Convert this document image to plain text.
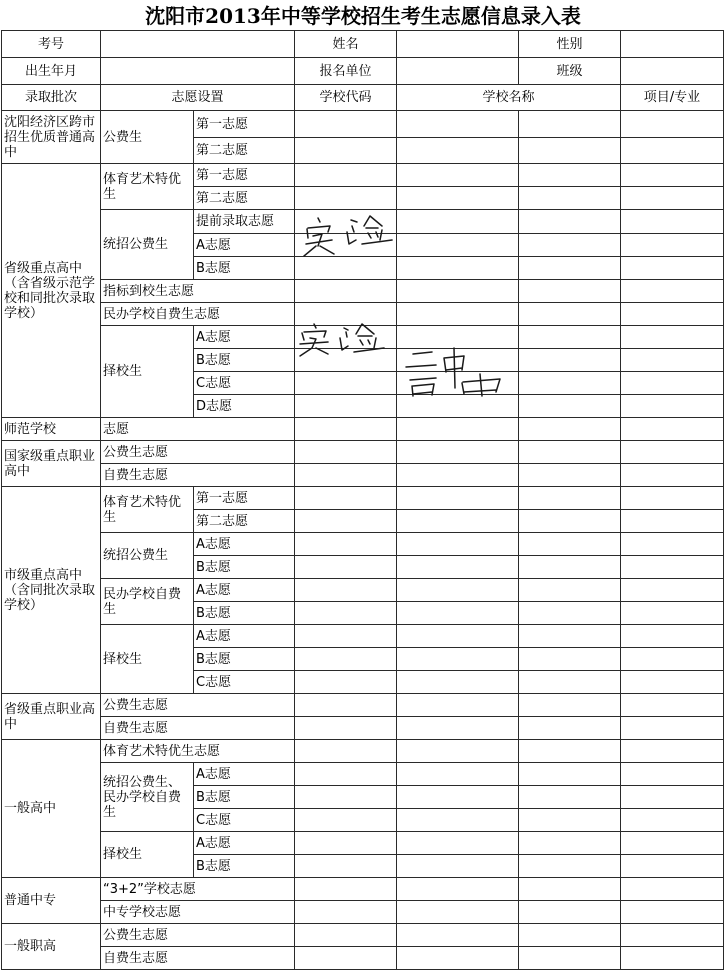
沈阳市2013年中等学校招生考生志愿信息录入表
考号			姓名		性别	
出生年月			报名单位		班级	
录取批次	志愿设置		学校代码	学校名称		项目/专业
沈阳经济区跨市招生优质普通高中	公费生	第一志愿				
		第二志愿				
省级重点高中（含省级示范学校和同批次录取学校）	体育艺术特优生	第一志愿				
		第二志愿				
	统招公费生	提前录取志愿				
		A志愿				
		B志愿				
	指标到校生志愿					
	民办学校自费生志愿					
	择校生	A志愿				
		B志愿				
		C志愿				
		D志愿				
师范学校	志愿					
国家级重点职业高中	公费生志愿					
	自费生志愿					
市级重点高中（含同批次录取学校）	体育艺术特优生	第一志愿				
		第二志愿				
	统招公费生	A志愿				
		B志愿				
	民办学校自费生	A志愿				
		B志愿				
	择校生	A志愿				
		B志愿				
		C志愿				
省级重点职业高中	公费生志愿					
	自费生志愿					
一般高中	体育艺术特优生志愿					
	统招公费生、民办学校自费生	A志愿				
		B志愿				
		C志愿				
	择校生	A志愿				
		B志愿				
普通中专	“3+2”学校志愿					
	中专学校志愿					
一般职高	公费生志愿					
	自费生志愿					
